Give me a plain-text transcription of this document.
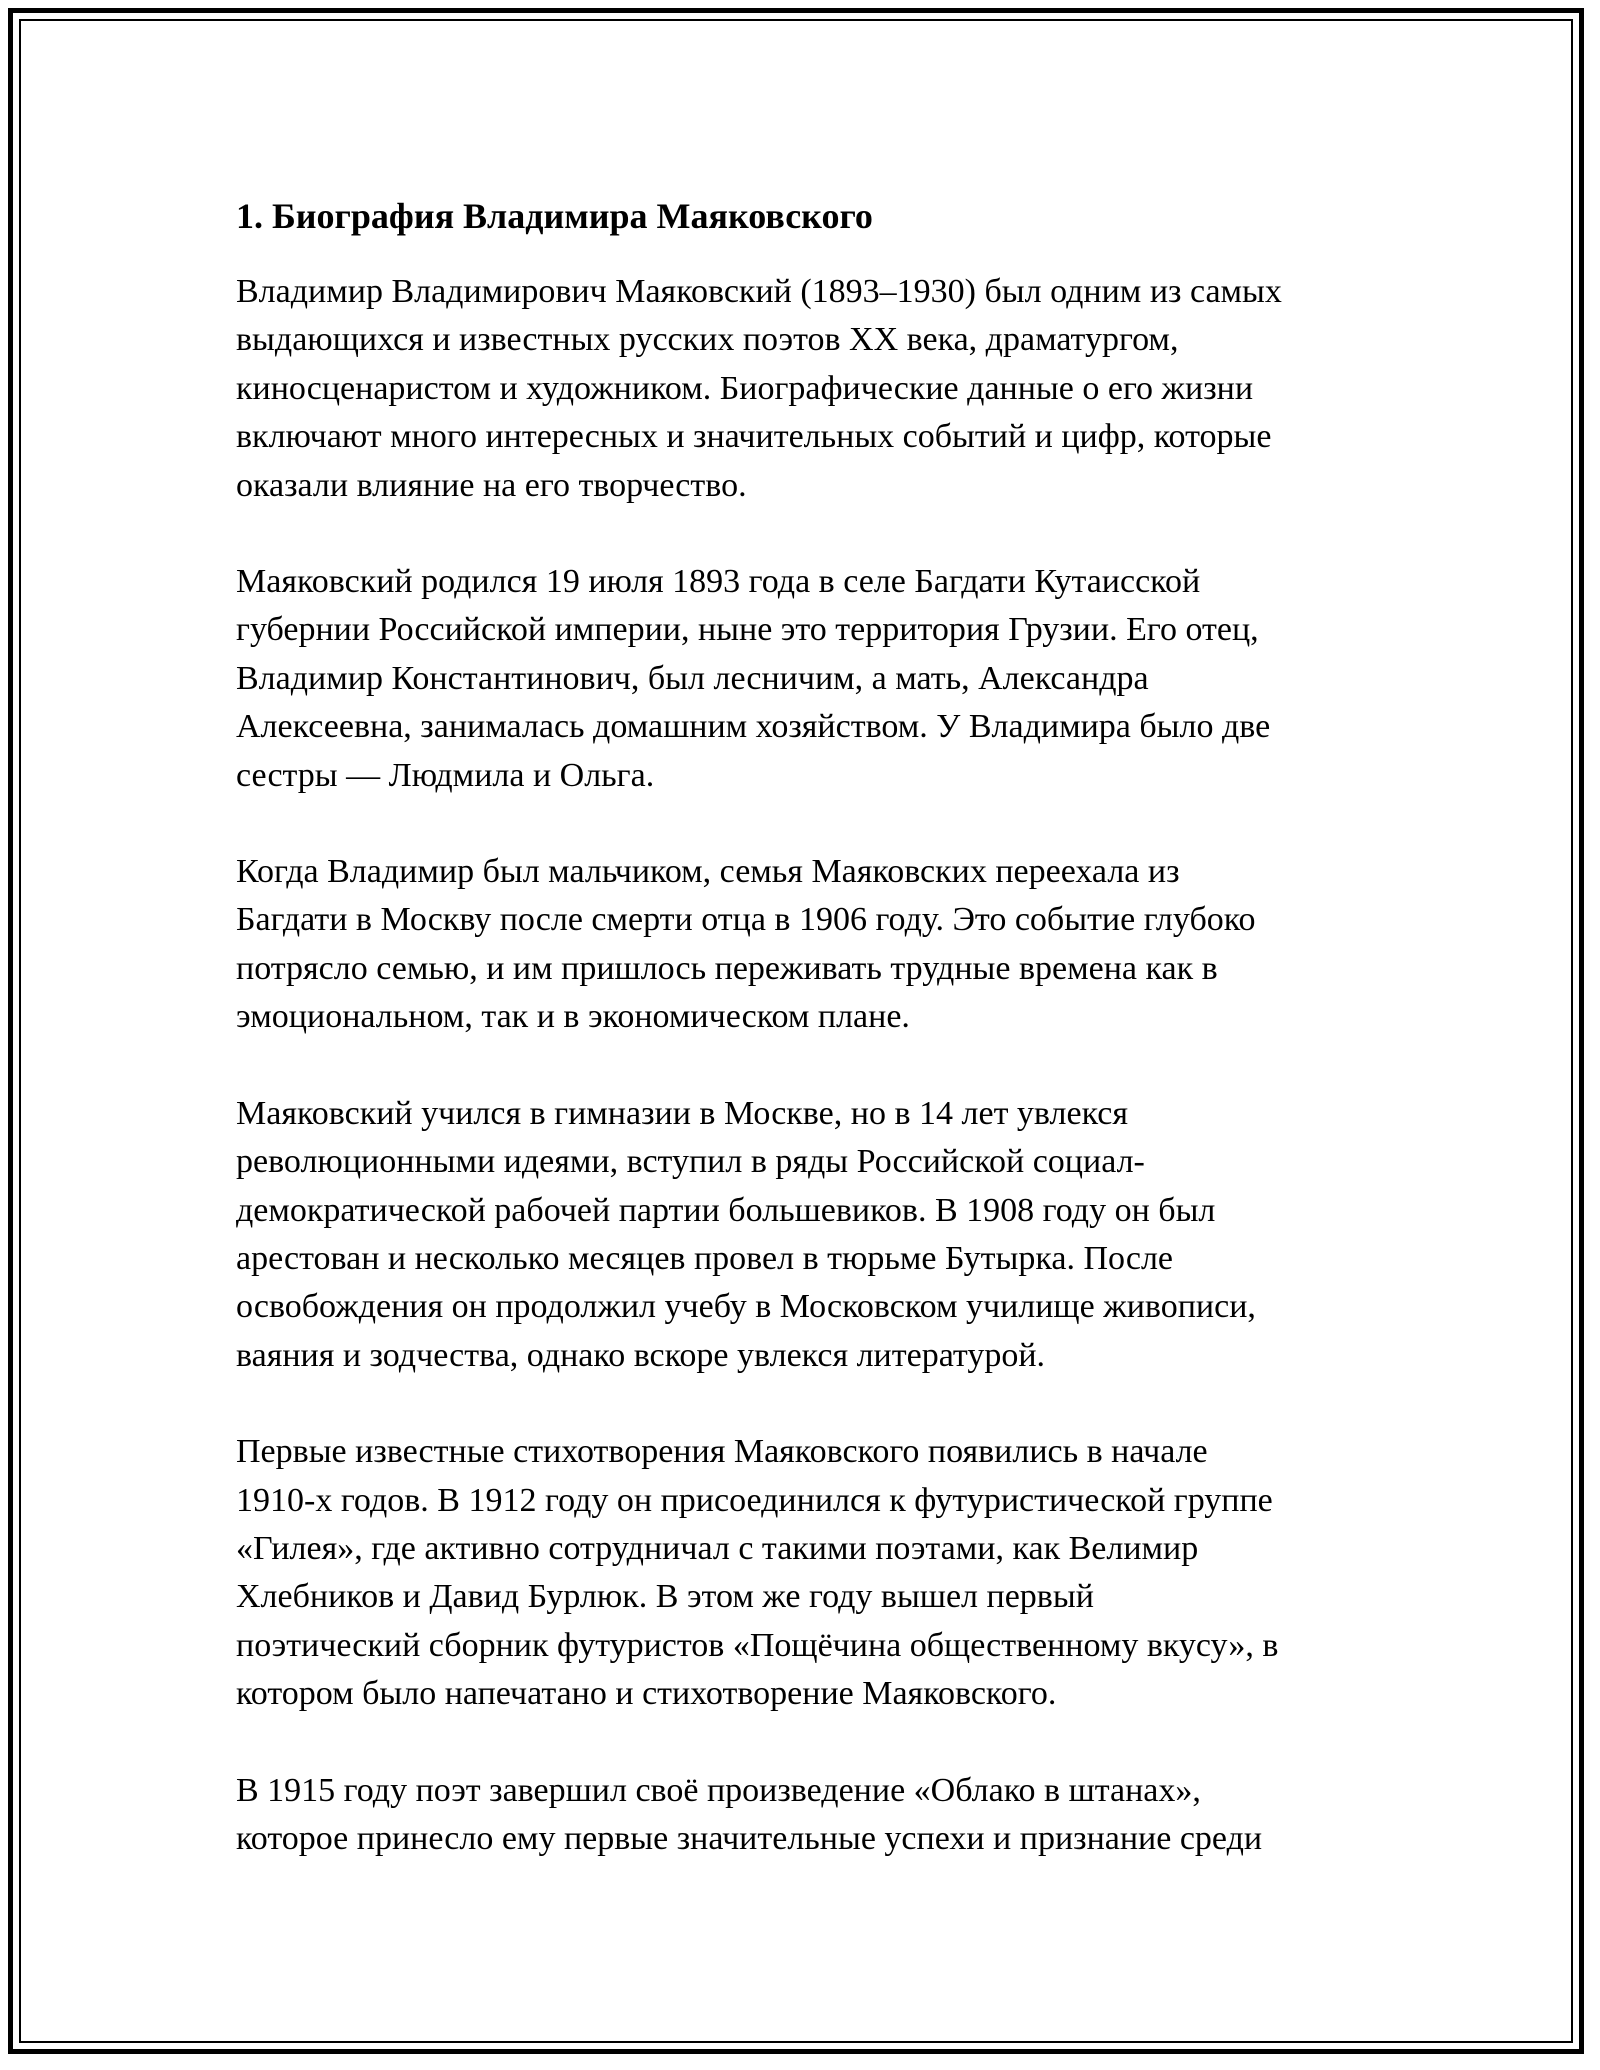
1. Биография Владимира Маяковского

Владимир Владимирович Маяковский (1893–1930) был одним из самых
выдающихся и известных русских поэтов XX века, драматургом,
киносценаристом и художником. Биографические данные о его жизни
включают много интересных и значительных событий и цифр, которые
оказали влияние на его творчество.

Маяковский родился 19 июля 1893 года в селе Багдати Кутаисской
губернии Российской империи, ныне это территория Грузии. Его отец,
Владимир Константинович, был лесничим, а мать, Александра
Алексеевна, занималась домашним хозяйством. У Владимира было две
сестры — Людмила и Ольга.

Когда Владимир был мальчиком, семья Маяковских переехала из
Багдати в Москву после смерти отца в 1906 году. Это событие глубоко
потрясло семью, и им пришлось переживать трудные времена как в
эмоциональном, так и в экономическом плане.

Маяковский учился в гимназии в Москве, но в 14 лет увлекся
революционными идеями, вступил в ряды Российской социал-
демократической рабочей партии большевиков. В 1908 году он был
арестован и несколько месяцев провел в тюрьме Бутырка. После
освобождения он продолжил учебу в Московском училище живописи,
ваяния и зодчества, однако вскоре увлекся литературой.

Первые известные стихотворения Маяковского появились в начале
1910-х годов. В 1912 году он присоединился к футуристической группе
«Гилея», где активно сотрудничал с такими поэтами, как Велимир
Хлебников и Давид Бурлюк. В этом же году вышел первый
поэтический сборник футуристов «Пощёчина общественному вкусу», в
котором было напечатано и стихотворение Маяковского.

В 1915 году поэт завершил своё произведение «Облако в штанах»,
которое принесло ему первые значительные успехи и признание среди
